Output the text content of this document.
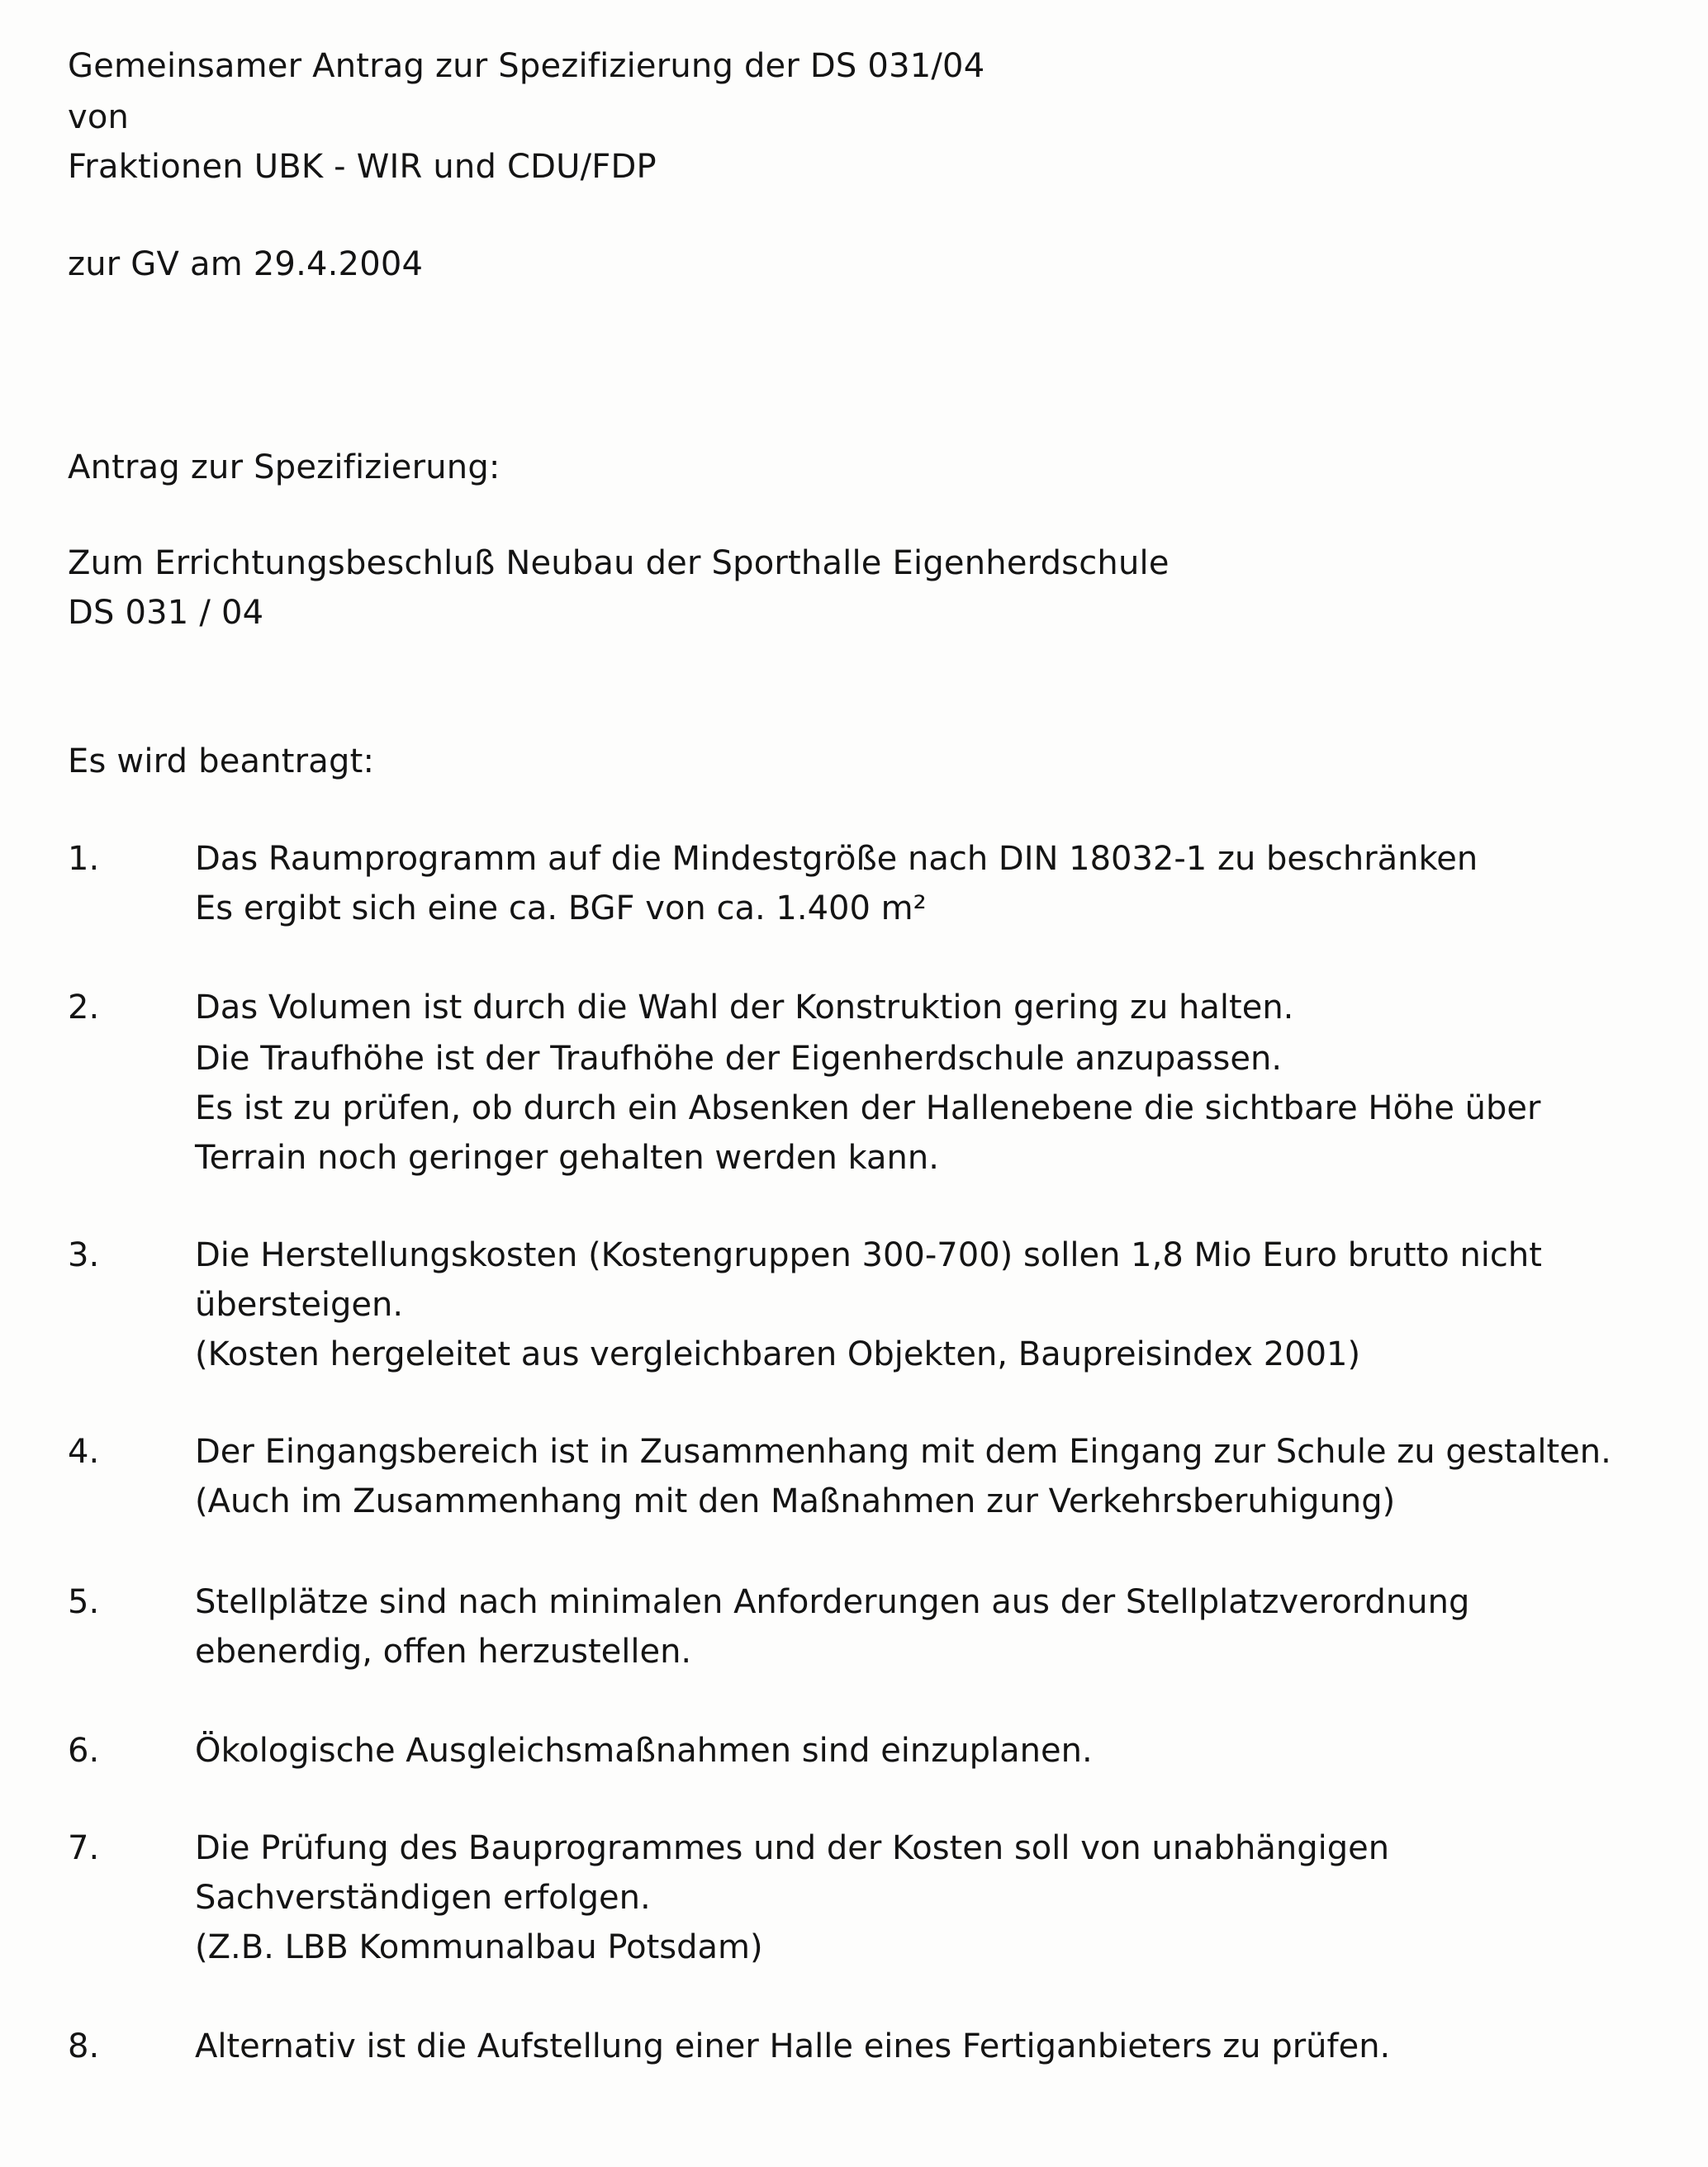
Gemeinsamer Antrag zur Spezifizierung der DS 031/04
von
Fraktionen UBK - WIR und CDU/FDP
zur GV am 29.4.2004
Antrag zur Spezifizierung:
Zum Errichtungsbeschluß Neubau der Sporthalle Eigenherdschule
DS 031 / 04
Es wird beantragt:
1.	Das Raumprogramm auf die Mindestgröße nach DIN 18032-1 zu beschränken
Es ergibt sich eine ca. BGF von ca. 1.400 m²
2.	Das Volumen ist durch die Wahl der Konstruktion gering zu halten.
Die Traufhöhe ist der Traufhöhe der Eigenherdschule anzupassen.
Es ist zu prüfen, ob durch ein Absenken der Hallenebene die sichtbare Höhe über
Terrain noch geringer gehalten werden kann.
3.	Die Herstellungskosten (Kostengruppen 300-700) sollen 1,8 Mio Euro brutto nicht
übersteigen.
(Kosten hergeleitet aus vergleichbaren Objekten, Baupreisindex 2001)
4.	Der Eingangsbereich ist in Zusammenhang mit dem Eingang zur Schule zu gestalten.
(Auch im Zusammenhang mit den Maßnahmen zur Verkehrsberuhigung)
5.	Stellplätze sind nach minimalen Anforderungen aus der Stellplatzverordnung
ebenerdig, offen herzustellen.
6.	Ökologische Ausgleichsmaßnahmen sind einzuplanen.
7.	Die Prüfung des Bauprogrammes und der Kosten soll von unabhängigen
Sachverständigen erfolgen.
(Z.B. LBB Kommunalbau Potsdam)
8.	Alternativ ist die Aufstellung einer Halle eines Fertiganbieters zu prüfen.
